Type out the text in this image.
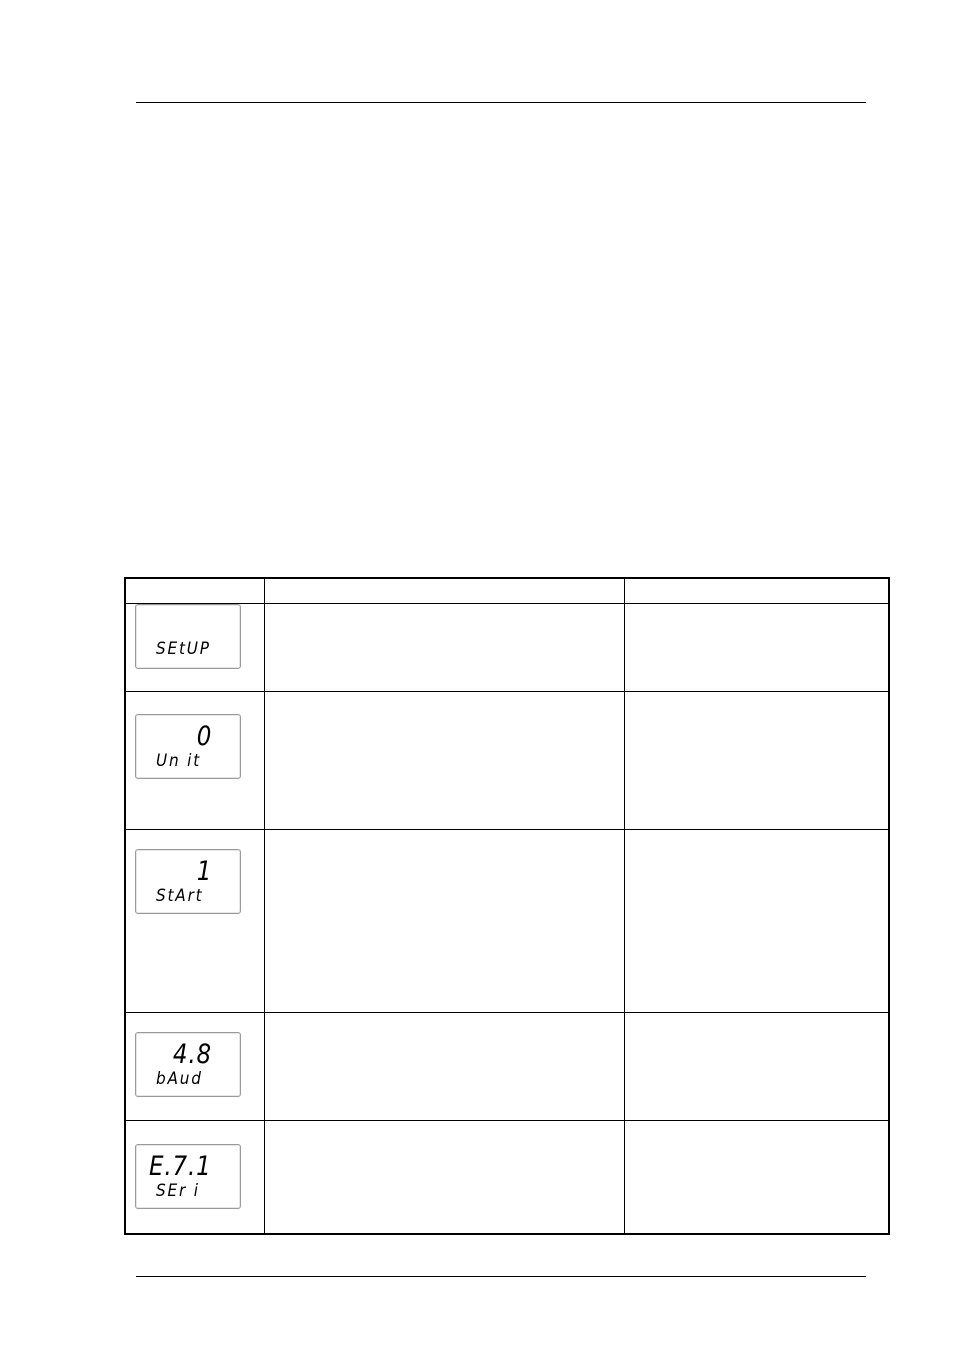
SEtUP		

0
Un it		

1
StArt		

4.8
bAud		

E.7.1
SEr i		
